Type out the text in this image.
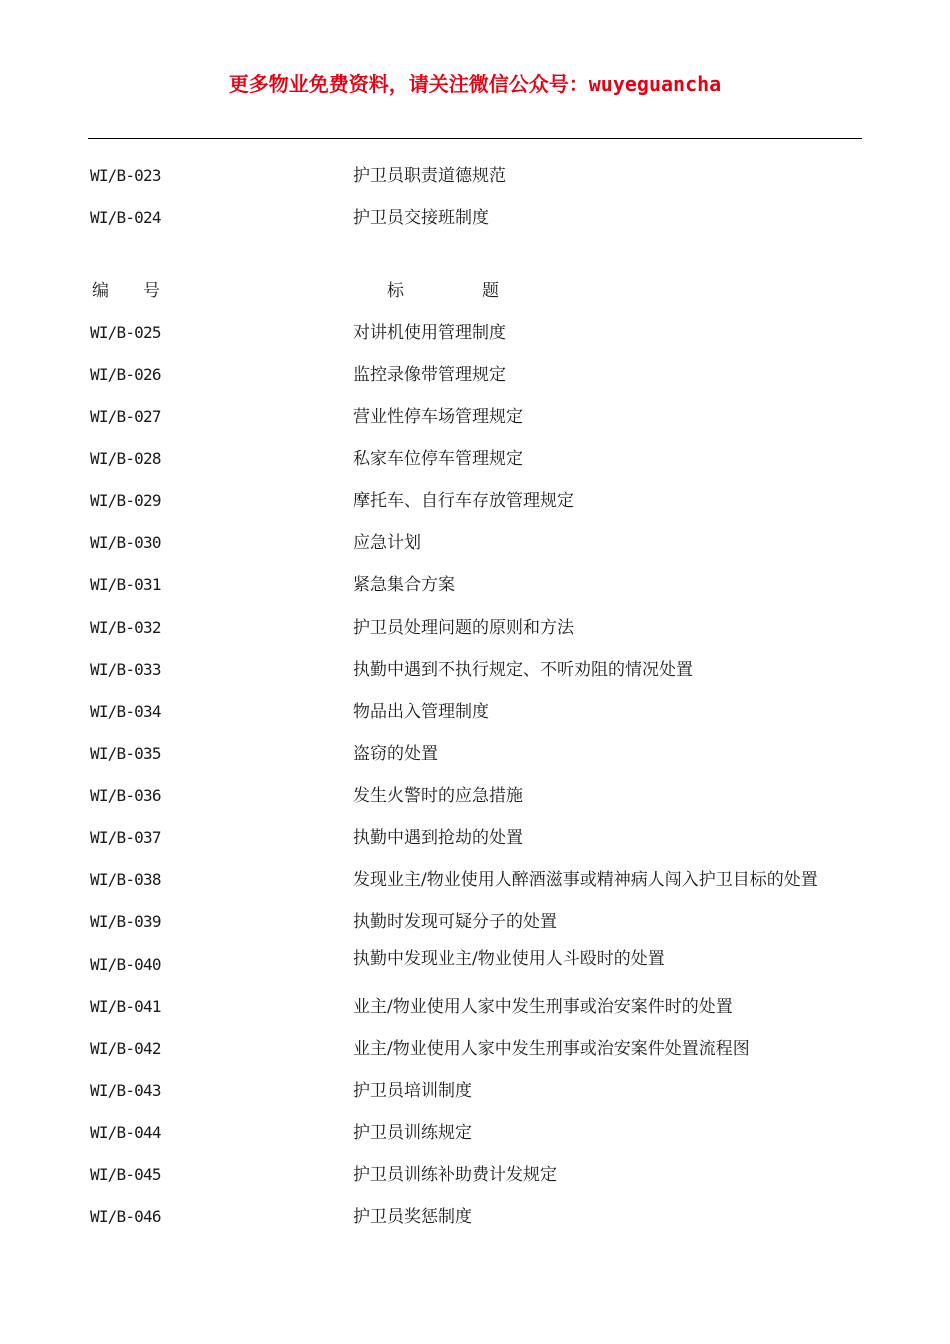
更多物业免费资料，请关注微信公众号：wuyeguancha
WI/B-023	护卫员职责道德规范
WI/B-024	护卫员交接班制度
编号	标题
WI/B-025	对讲机使用管理制度
WI/B-026	监控录像带管理规定
WI/B-027	营业性停车场管理规定
WI/B-028	私家车位停车管理规定
WI/B-029	摩托车、自行车存放管理规定
WI/B-030	应急计划
WI/B-031	紧急集合方案
WI/B-032	护卫员处理问题的原则和方法
WI/B-033	执勤中遇到不执行规定、不听劝阻的情况处置
WI/B-034	物品出入管理制度
WI/B-035	盗窃的处置
WI/B-036	发生火警时的应急措施
WI/B-037	执勤中遇到抢劫的处置
WI/B-038	发现业主/物业使用人醉酒滋事或精神病人闯入护卫目标的处置
WI/B-039	执勤时发现可疑分子的处置
WI/B-040	执勤中发现业主/物业使用人斗殴时的处置
WI/B-041	业主/物业使用人家中发生刑事或治安案件时的处置
WI/B-042	业主/物业使用人家中发生刑事或治安案件处置流程图
WI/B-043	护卫员培训制度
WI/B-044	护卫员训练规定
WI/B-045	护卫员训练补助费计发规定
WI/B-046	护卫员奖惩制度
